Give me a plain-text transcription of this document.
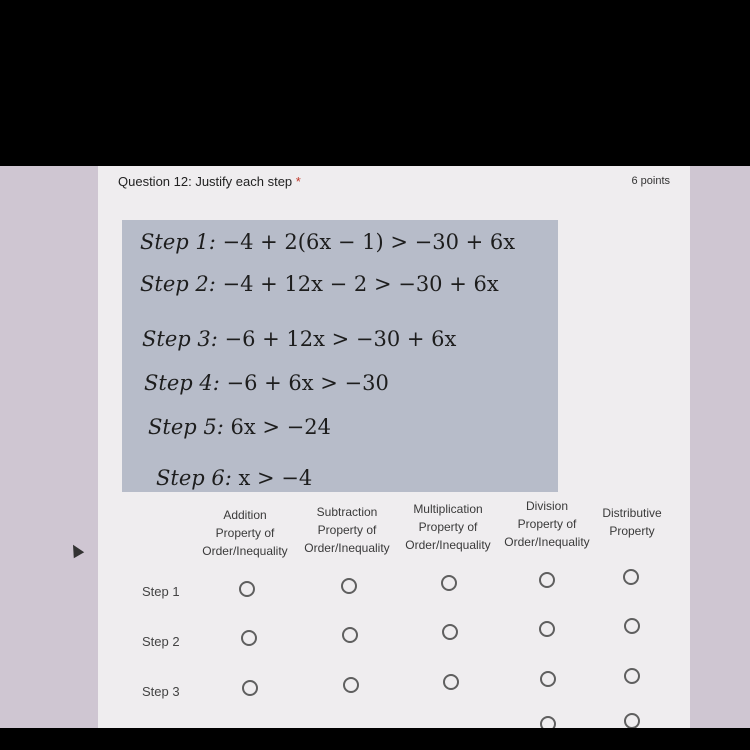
Question 12: Justify each step *	6 points
Step 1: −4 + 2(6x − 1) > −30 + 6x
Step 2: −4 + 12x − 2 > −30 + 6x
Step 3: −6 + 12x > −30 + 6x
Step 4: −6 + 6x > −30
Step 5: 6x > −24
Step 6: x > −4
Addition
Property of
Order/Inequality
Subtraction
Property of
Order/Inequality
Multiplication
Property of
Order/Inequality
Division
Property of
Order/Inequality
Distributive
Property
Step 1
Step 2
Step 3
